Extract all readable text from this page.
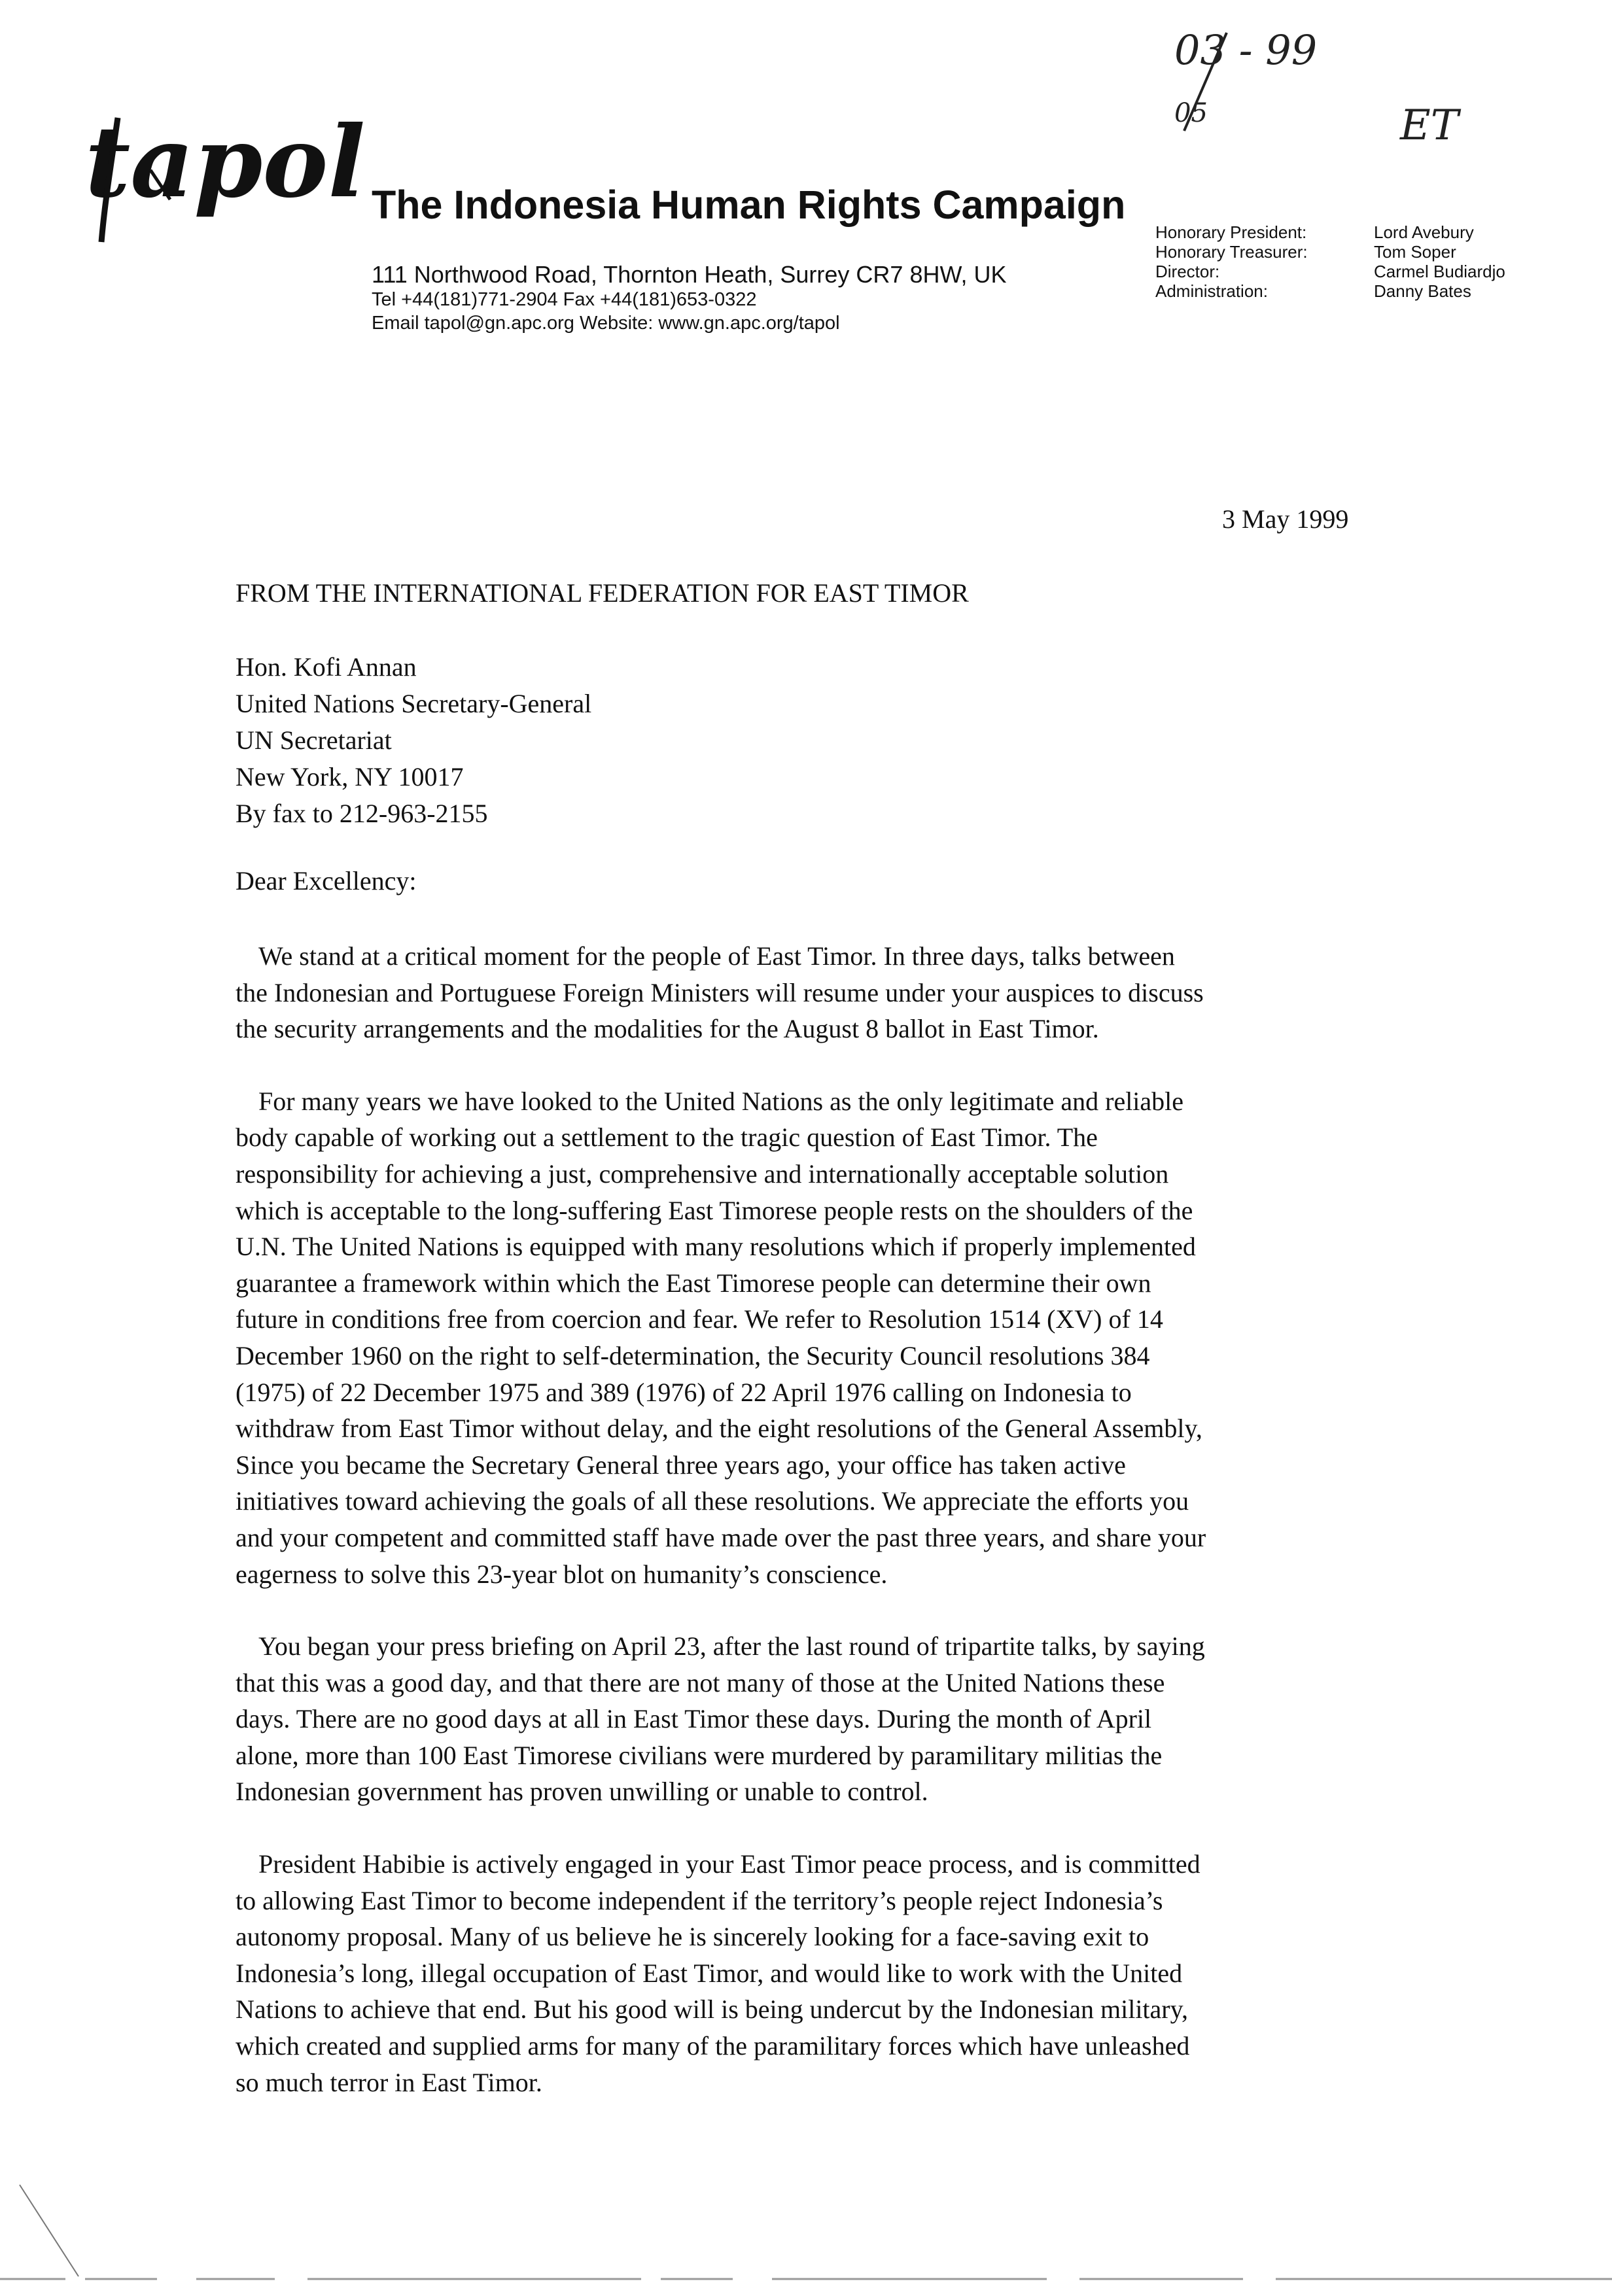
tapol The Indonesia Human Rights Campaign
111 Northwood Road, Thornton Heath, Surrey CR7 8HW, UK
Tel +44(181)771-2904 Fax +44(181)653-0322
Email tapol@gn.apc.org Website: www.gn.apc.org/tapol
Honorary President:	Lord Avebury
Honorary Treasurer:	Tom Soper
Director:	Carmel Budiardjo
Administration:	Danny Bates
03 - 99
05	ET
3 May 1999
FROM THE INTERNATIONAL FEDERATION FOR EAST TIMOR
Hon. Kofi Annan
United Nations Secretary-General
UN Secretariat
New York, NY 10017
By fax to 212-963-2155
Dear Excellency:
We stand at a critical moment for the people of East Timor. In three days, talks between
the Indonesian and Portuguese Foreign Ministers will resume under your auspices to discuss
the security arrangements and the modalities for the August 8 ballot in East Timor.
For many years we have looked to the United Nations as the only legitimate and reliable
body capable of working out a settlement to the tragic question of East Timor. The
responsibility for achieving a just, comprehensive and internationally acceptable solution
which is acceptable to the long-suffering East Timorese people rests on the shoulders of the
U.N. The United Nations is equipped with many resolutions which if properly implemented
guarantee a framework within which the East Timorese people can determine their own
future in conditions free from coercion and fear. We refer to Resolution 1514 (XV) of 14
December 1960 on the right to self-determination, the Security Council resolutions 384
(1975) of 22 December 1975 and 389 (1976) of 22 April 1976 calling on Indonesia to
withdraw from East Timor without delay, and the eight resolutions of the General Assembly,
Since you became the Secretary General three years ago, your office has taken active
initiatives toward achieving the goals of all these resolutions. We appreciate the efforts you
and your competent and committed staff have made over the past three years, and share your
eagerness to solve this 23-year blot on humanity’s conscience.
You began your press briefing on April 23, after the last round of tripartite talks, by saying
that this was a good day, and that there are not many of those at the United Nations these
days. There are no good days at all in East Timor these days. During the month of April
alone, more than 100 East Timorese civilians were murdered by paramilitary militias the
Indonesian government has proven unwilling or unable to control.
President Habibie is actively engaged in your East Timor peace process, and is committed
to allowing East Timor to become independent if the territory’s people reject Indonesia’s
autonomy proposal. Many of us believe he is sincerely looking for a face-saving exit to
Indonesia’s long, illegal occupation of East Timor, and would like to work with the United
Nations to achieve that end. But his good will is being undercut by the Indonesian military,
which created and supplied arms for many of the paramilitary forces which have unleashed
so much terror in East Timor.
